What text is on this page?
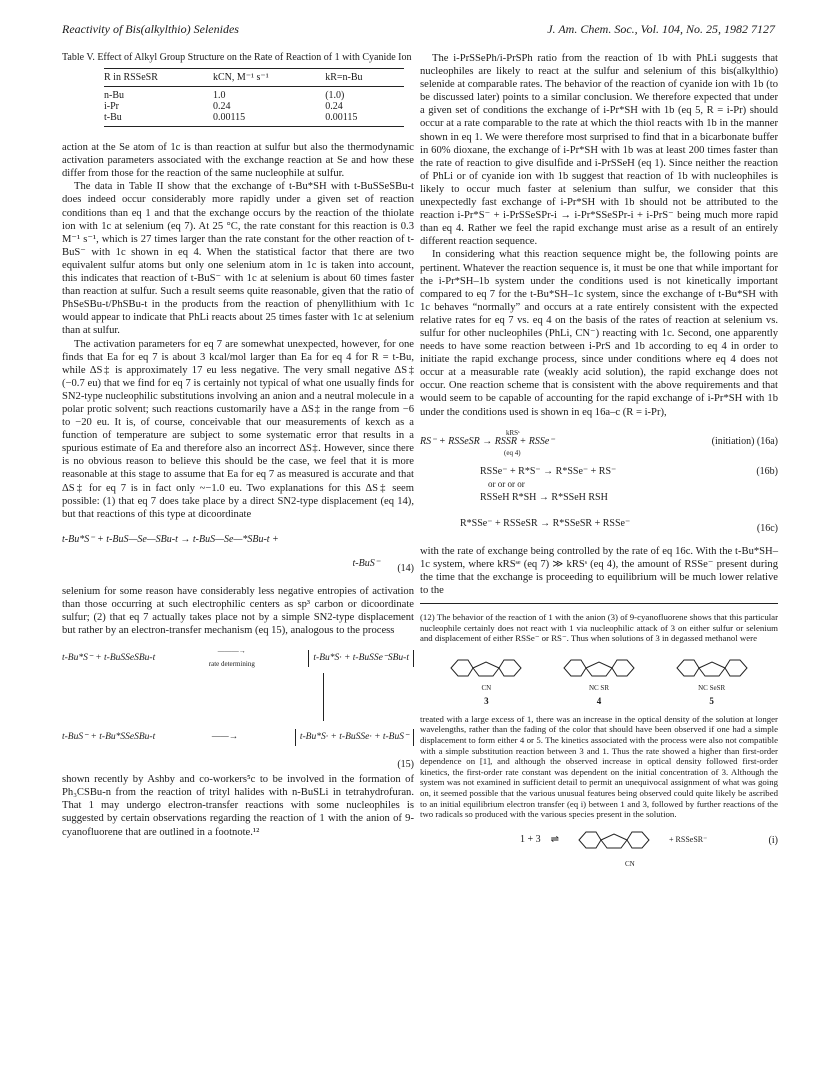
Reactivity of Bis(alkylthio) Selenides	J. Am. Chem. Soc., Vol. 104, No. 25, 1982 7127

Table V. Effect of Alkyl Group Structure on the Rate of Reaction of 1 with Cyanide Ion

R in RSSeSR	kCN, M⁻¹ s⁻¹	kR=n-Bu
n-Bu	1.0	(1.0)
i-Pr	0.24	0.24
t-Bu	0.00115	0.00115

action at the Se atom of 1c is than reaction at sulfur but also the thermodynamic activation parameters associated with the exchange reaction at Se and how these differ from those for the reaction of the same nucleophile at sulfur.

The data in Table II show that the exchange of t-Bu*SH with t-BuSSeSBu-t does indeed occur considerably more rapidly under a given set of reaction conditions than eq 1 and that the exchange occurs by the reaction of the thiolate ion with 1c at selenium (eq 7). At 25 °C, the rate constant for this reaction is 0.3 M⁻¹ s⁻¹, which is 27 times larger than the rate constant for the other reaction of t-BuS⁻ with 1c shown in eq 4. When the statistical factor that there are two equivalent sulfur atoms but only one selenium atom in 1c is taken into account, this indicates that reaction of t-BuS⁻ with 1c at selenium is about 60 times faster than reaction at sulfur. Such a result seems quite reasonable, given that the ratio of PhSeSBu-t/PhSBu-t in the products from the reaction of phenyllithium with 1c would appear to indicate that PhLi reacts about 25 times faster with 1c at selenium than at sulfur.

The activation parameters for eq 7 are somewhat unexpected, however, for one finds that Ea for eq 7 is about 3 kcal/mol larger than Ea for eq 4 for R = t-Bu, while ΔS‡ is approximately 17 eu less negative. The very small negative ΔS‡ (−0.7 eu) that we find for eq 7 is certainly not typical of what one usually finds for SN2-type nucleophilic substitutions involving an anion and a neutral molecule in a polar protic solvent; such reactions customarily have a ΔS‡ in the range from −6 to −20 eu. It is, of course, conceivable that our measurements of kexch as a function of temperature are subject to some systematic error that results in a spurious estimate of Ea and therefore also an incorrect ΔS‡. However, since there is no obvious reason to believe this should be the case, we feel that it is more reasonable at this stage to assume that Ea for eq 7 as measured is accurate and that ΔS‡ for eq 7 is in fact only ~−1.0 eu. Two explanations for this ΔS‡ seem possible: (1) that eq 7 does take place by a direct SN2-type displacement (eq 14), but that reactions of this type at dicoordinate

t-Bu*S⁻ + t-BuS—Se—SBu-t → t-BuS—Se—*SBu-t +
t-BuS⁻ (14)

selenium for some reason have considerably less negative entropies of activation than those occurring at such electrophilic centers as sp³ carbon or dicoordinate sulfur; (2) that eq 7 actually takes place not by a simple SN2-type displacement but rather by an electron-transfer mechanism (eq 15), analogous to the process

t-Bu*S⁻ + t-BuSSeSBu-t
———→
rate determining
t-Bu*S· + t-BuSSe⁻SBu-t
t-BuS⁻ + t-Bu*SSeSBu-t	——→	t-Bu*S· + t-BuSSe· + t-BuS⁻
(15)

shown recently by Ashby and co-workers⁵c to be involved in the formation of Ph₃CSBu-n from the reaction of trityl halides with n-BuSLi in tetrahydrofuran. That 1 may undergo electron-transfer reactions with some nucleophiles is suggested by certain observations regarding the reaction of 1 with the anion of 9-cyanofluorene that are outlined in a footnote.¹²

The i-PrSSePh/i-PrSPh ratio from the reaction of 1b with PhLi suggests that nucleophiles are likely to react at the sulfur and selenium of this bis(alkylthio) selenide at comparable rates. The behavior of the reaction of cyanide ion with 1b (to be discussed later) points to a similar conclusion. We therefore expected that under a given set of conditions the exchange of i-Pr*SH with 1b (eq 5, R = i-Pr) should occur at a rate comparable to the rate at which the thiol reacts with 1b in the manner shown in eq 1. We were therefore most surprised to find that in a bicarbonate buffer in 60% dioxane, the exchange of i-Pr*SH with 1b was at least 200 times faster than the rate of reaction to give disulfide and i-PrSSeH (eq 1). Since neither the reaction of PhLi or of cyanide ion with 1b suggest that reaction of 1b with nucleophiles is likely to occur much faster at selenium than sulfur, we consider that this unexpectedly fast exchange of i-Pr*SH with 1b should not be attributed to the reaction i-Pr*S⁻ + i-PrSSeSPr-i → i-Pr*SSeSPr-i + i-PrS⁻ being much more rapid than eq 4. Rather we feel the rapid exchange must arise as a result of an entirely different reaction sequence.

In considering what this reaction sequence might be, the following points are pertinent. Whatever the reaction sequence is, it must be one that while important for the i-Pr*SH–1b system under the conditions used is not kinetically important compared to eq 7 for the t-Bu*SH–1c system, since the exchange of t-Bu*SH with 1c behaves “normally” and occurs at a rate entirely consistent with the expected relative rates for eq 7 vs. eq 4 on the basis of the rates of reaction at selenium vs. sulfur for other nucleophiles (PhLi, CN⁻) reacting with 1c. Second, one apparently needs to have some reaction between i-PrS and 1b according to eq 4 in order to initiate the rapid exchange process, since under conditions where eq 4 does not occur at a measurable rate (weakly acid solution), the rapid exchange does not occur. One reaction scheme that is consistent with the above requirements and that would seem to be capable of accounting for the rapid exchange of i-Pr*SH with 1b under the conditions used is shown in eq 16a–c (R = i-Pr),

RS⁻ + RSSeSR → RSSR + RSSe⁻	(initiation) (16a)
kRSˢ
(eq 4)
RSSe⁻ + R*S⁻ → R*SSe⁻ + RS⁻
or or or or
RSSeH R*SH → R*SSeH RSH
(16b)
R*SSe⁻ + RSSeSR → R*SSeSR + RSSe⁻	(16c)

with the rate of exchange being controlled by the rate of eq 16c. With the t-Bu*SH–1c system, where kRSˢᵉ (eq 7) ≫ kRSˢ (eq 4), the amount of RSSe⁻ present during the time that the exchange is proceeding to equilibrium will be much lower relative to the

(12) The behavior of the reaction of 1 with the anion (3) of 9-cyanofluorene shows that this particular nucleophile certainly does not react with 1 via nucleophilic attack of 3 on either sulfur or selenium and displacement of either RSSe⁻ or RS⁻. Thus when solutions of 3 in degassed methanol were

CN
3
NC SR
4
NC SeSR
5

treated with a large excess of 1, there was an increase in the optical density of the solution at longer wavelengths, rather than the fading of the color that should have been observed if one had a simple displacement to form either 4 or 5. The kinetics associated with the process were also not compatible with a simple substitution reaction between 3 and 1. Thus the rate showed a higher than first-order dependence on [1], and although the observed increase in optical density followed first-order kinetics, the first-order rate constant was dependent on the initial concentration of 3. Although the system was not examined in sufficient detail to permit an unequivocal assignment of what was going on, it seemed possible that the various unusual features being observed could quite likely be ascribed to an initial equilibrium electron transfer (eq i) between 1 and 3, followed by further reactions of the two radicals so produced with the various species present in the solution.

1 + 3 ⇌	+ RSSeSR⁻
CN
(i)
